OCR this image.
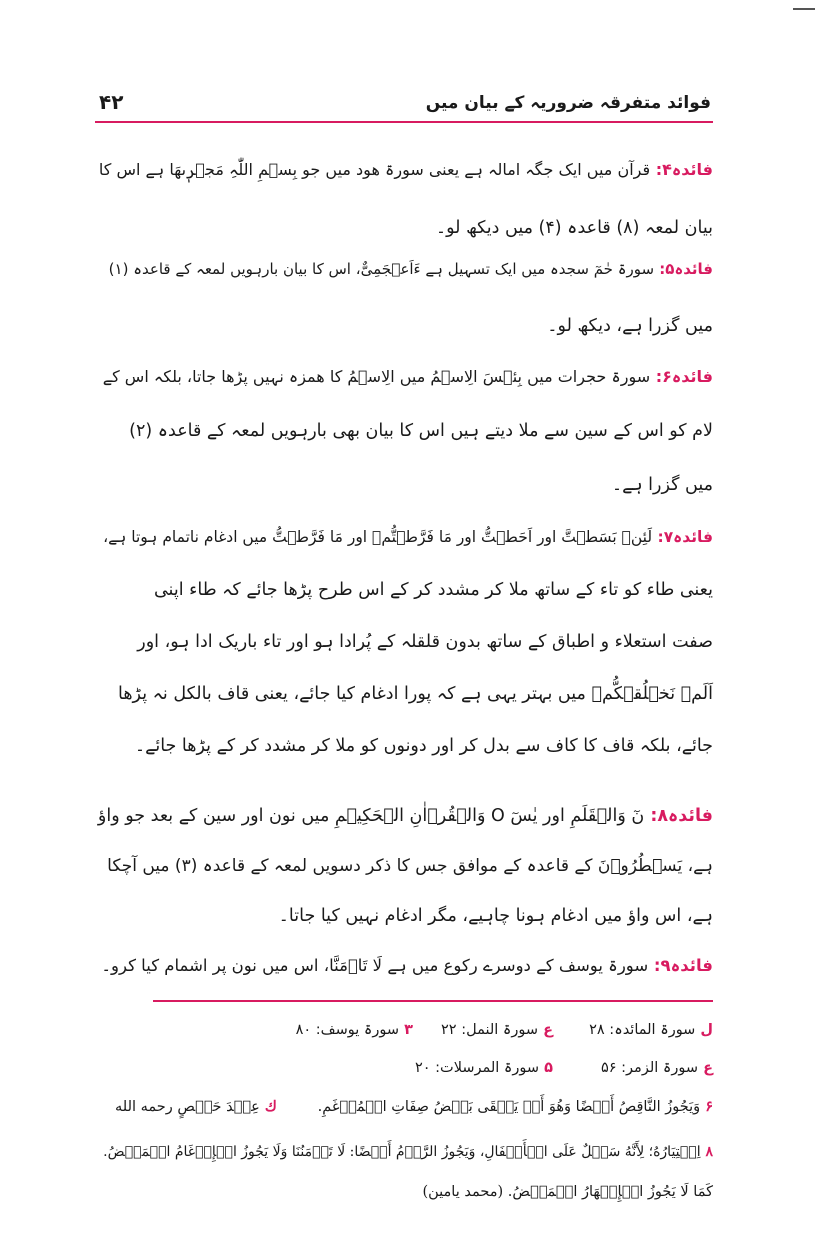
فوائد متفرقہ ضروریہ کے بیان میں
۴۲
فائدہ۴:قرآن میں ایک جگہ امالہ ہے یعنی سورۃ ھود میں جو بِسۡمِ اللّٰہِ مَجۡرٖىهَا ہے اس کا
بیان لمعہ (۸) قاعدہ (۴) میں دیکھ لو۔
فائدہ۵:سورۃ حٰمٓ سجدہ میں ایک تسہیل ہے ءَاَعۡجَمِیٌّ، اس کا بیان بارہویں لمعہ کے قاعدہ (۱)
میں گزرا ہے، دیکھ لو۔
فائدہ۶:سورۃ حجرات میں بِئۡسَ الِاسۡمُ میں الِاسۡمُ کا ھمزہ نہیں پڑھا جاتا، بلکہ اس کے
لام کو اس کے سین سے ملا دیتے ہیں اس کا بیان بھی بارہویں لمعہ کے قاعدہ (۲)
میں گزرا ہے۔
فائدہ۷:لَئِنۡ بَسَطۡتَّ اور اَحَطۡتُّ اور مَا فَرَّطۡتُّمۡ اور مَا فَرَّطۡتُّ میں ادغام ناتمام ہوتا ہے،
یعنی طاء کو تاء کے ساتھ ملا کر مشدد کر کے اس طرح پڑھا جائے کہ طاء اپنی
صفت استعلاء و اطباق کے ساتھ بدون قلقلہ کے پُرادا ہو اور تاء باریک ادا ہو، اور
اَلَمۡ نَخۡلُقۡكُّمۡ میں بہتر یہی ہے کہ پورا ادغام کیا جائے، یعنی قاف بالکل نہ پڑھا
جائے، بلکہ قاف کا کاف سے بدل کر اور دونوں کو ملا کر مشدد کر کے پڑھا جائے۔
فائدہ۸:نٓ وَالۡقَلَمِ اور یٰسٓ O وَالۡقُرۡاٰنِ الۡحَكِيۡمِ میں نون اور سین کے بعد جو واؤ
ہے، یَسۡطُرُوۡنَ کے قاعدہ کے موافق جس کا ذکر دسویں لمعہ کے قاعدہ (۳) میں آچکا
ہے، اس واؤ میں ادغام ہونا چاہیے، مگر ادغام نہیں کیا جاتا۔
فائدہ۹:سورۃ یوسف کے دوسرے رکوع میں ہے لَا تَاۡمَنَّا، اس میں نون پر اشمام کیا کرو۔
لسورۃ المائدہ: ۲۸
عسورۃ النمل: ۲۲
۳سورۃ یوسف: ۸۰
عسورۃ الزمر: ۵۶
۵سورۃ المرسلات: ۲۰
۶وَيَجُوزُ النَّاقِصُ أَيۡضًا وَهُوَ أَنۡ يَبۡقَى بَعۡضُ صِفَاتِ الۡمُدۡغَمِ.
كعِنۡدَ حَفۡصٍ رحمه الله
۸اِخۡتِيَارُهُ؛ لِأَنَّهُ سَهۡلٌ عَلَى الۡأَطۡفَالِ، وَيَجُوزُ الرَّوۡمُ أَيۡضًا: لَا تَأۡمَنُنَا وَلَا يَجُوزُ الۡإِدۡغَامُ الۡمَحۡضُ.
كَمَا لَا يَجُوزُ الۡإِظۡهَارُ الۡمَحۡضُ. (محمد یامین)
